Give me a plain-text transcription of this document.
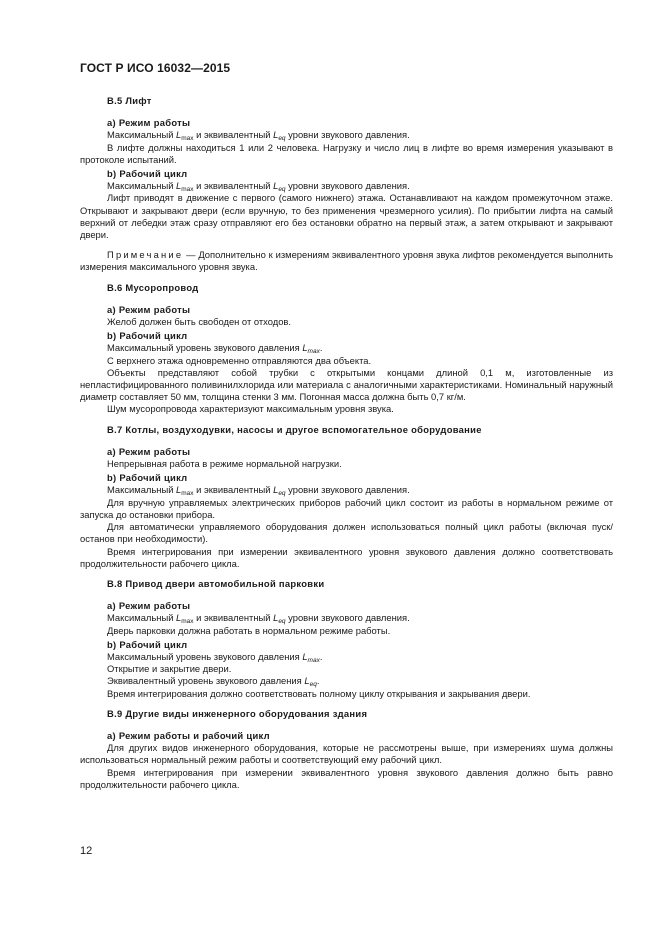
ГОСТ Р ИСО 16032—2015
В.5 Лифт
a) Режим работы

Максимальный $L_{max}$ и эквивалентный $L_{eq}$ уровни звукового давления.

В лифте должны находиться 1 или 2 человека. Нагрузку и число лиц в лифте во время измерения указывают в протоколе испытаний.

b) Рабочий цикл

Максимальный $L_{max}$ и эквивалентный $L_{eq}$ уровни звукового давления.

Лифт приводят в движение с первого (самого нижнего) этажа. Останавливают на каждом промежуточном этаже. Открывают и закрывают двери (если вручную, то без применения чрезмерного усилия). По прибытии лифта на самый верхний от лебедки этаж сразу отправляют его без остановки обратно на первый этаж, а затем открывают и закрывают двери.

Примечание — Дополнительно к измерениям эквивалентного уровня звука лифтов рекомендуется выполнить измерения максимального уровня звука.

В.6 Мусоропровод
a) Режим работы

Желоб должен быть свободен от отходов.

b) Рабочий цикл

Максимальный уровень звукового давления $L_{max}$.

С верхнего этажа одновременно отправляются два объекта.

Объекты представляют собой трубки с открытыми концами длиной 0,1 м, изготовленные из непластифицированного поливинилхлорида или материала с аналогичными характеристиками. Номинальный наружный диаметр составляет 50 мм, толщина стенки 3 мм. Погонная масса должна быть 0,7 кг/м.

Шум мусоропровода характеризуют максимальным уровня звука.

В.7 Котлы, воздуходувки, насосы и другое вспомогательное оборудование
a) Режим работы

Непрерывная работа в режиме нормальной нагрузки.

b) Рабочий цикл

Максимальный $L_{max}$ и эквивалентный $L_{eq}$ уровни звукового давления.

Для вручную управляемых электрических приборов рабочий цикл состоит из работы в нормальном режиме от запуска до остановки прибора.

Для автоматически управляемого оборудования должен использоваться полный цикл работы (включая пуск/останов при необходимости).

Время интегрирования при измерении эквивалентного уровня звукового давления должно соответствовать продолжительности рабочего цикла.

В.8 Привод двери автомобильной парковки
a) Режим работы

Максимальный $L_{max}$ и эквивалентный $L_{eq}$ уровни звукового давления.

Дверь парковки должна работать в нормальном режиме работы.

b) Рабочий цикл

Максимальный уровень звукового давления $L_{max}$.

Открытие и закрытие двери.

Эквивалентный уровень звукового давления $L_{eq}$.

Время интегрирования должно соответствовать полному циклу открывания и закрывания двери.

В.9 Другие виды инженерного оборудования здания
a) Режим работы и рабочий цикл

Для других видов инженерного оборудования, которые не рассмотрены выше, при измерениях шума должны использоваться нормальный режим работы и соответствующий ему рабочий цикл.

Время интегрирования при измерении эквивалентного уровня звукового давления должно быть равно продолжительности рабочего цикла.

12
